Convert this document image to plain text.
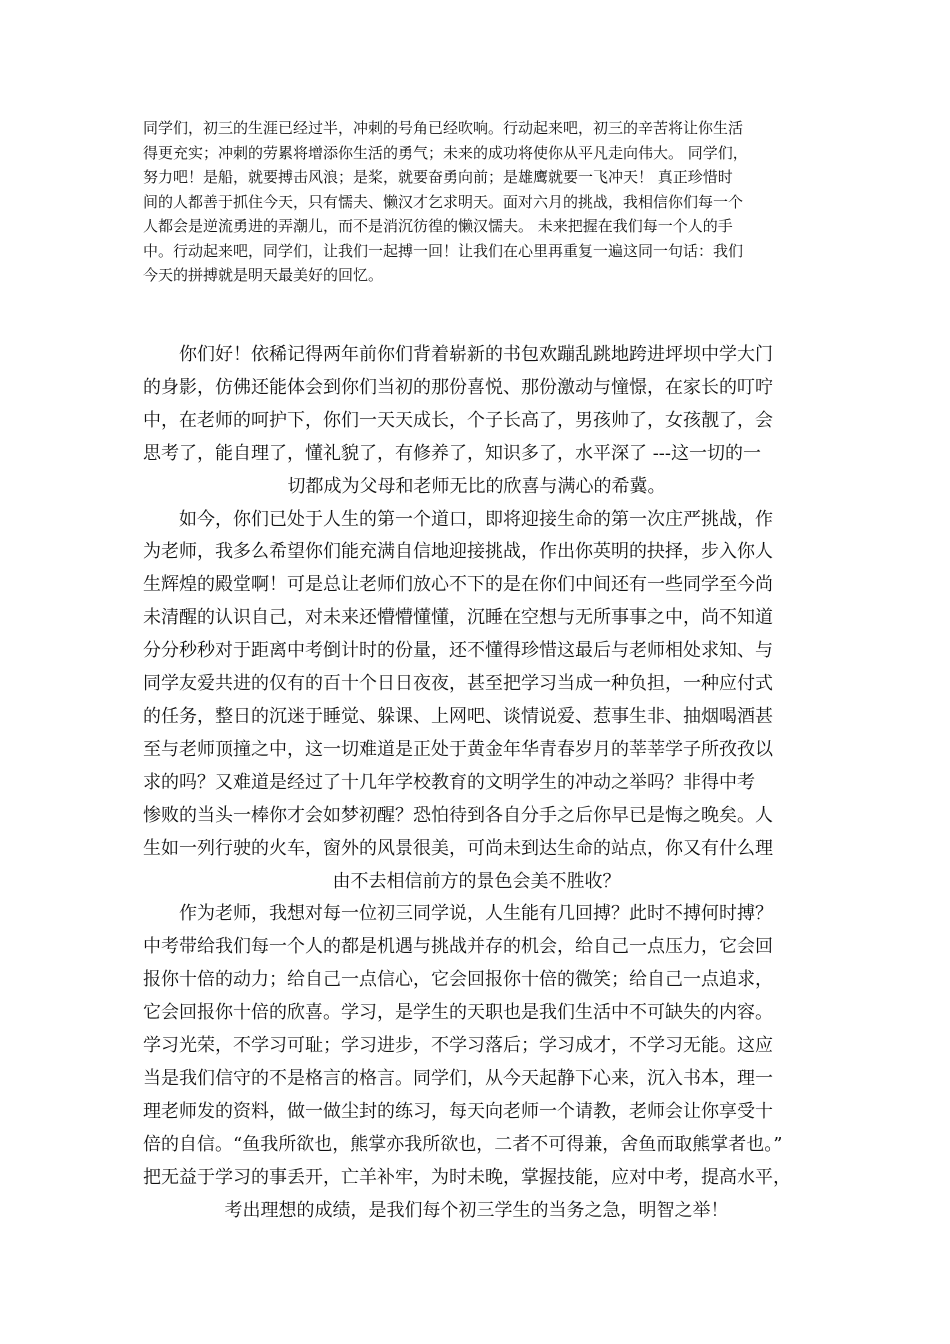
同学们，初三的生涯已经过半，冲刺的号角已经吹响。行动起来吧，初三的辛苦将让你生活
得更充实；冲刺的劳累将增添你生活的勇气；未来的成功将使你从平凡走向伟大。 同学们，
努力吧！是船，就要搏击风浪；是桨，就要奋勇向前；是雄鹰就要一飞冲天！ 真正珍惜时
间的人都善于抓住今天，只有懦夫、懒汉才乞求明天。面对六月的挑战，我相信你们每一个
人都会是逆流勇进的弄潮儿，而不是消沉彷徨的懒汉懦夫。 未来把握在我们每一个人的手
中。行动起来吧，同学们，让我们一起搏一回！让我们在心里再重复一遍这同一句话：我们
今天的拼搏就是明天最美好的回忆。
　　你们好！依稀记得两年前你们背着崭新的书包欢蹦乱跳地跨进坪坝中学大门
的身影，仿佛还能体会到你们当初的那份喜悦、那份激动与憧憬，在家长的叮咛
中，在老师的呵护下，你们一天天成长，个子长高了，男孩帅了，女孩靓了，会
思考了，能自理了，懂礼貌了，有修养了，知识多了，水平深了 ---这一切的一
切都成为父母和老师无比的欣喜与满心的希冀。
　　如今，你们已处于人生的第一个道口，即将迎接生命的第一次庄严挑战，作
为老师，我多么希望你们能充满自信地迎接挑战，作出你英明的抉择，步入你人
生辉煌的殿堂啊！可是总让老师们放心不下的是在你们中间还有一些同学至今尚
未清醒的认识自己，对未来还懵懵懂懂，沉睡在空想与无所事事之中，尚不知道
分分秒秒对于距离中考倒计时的份量，还不懂得珍惜这最后与老师相处求知、与
同学友爱共进的仅有的百十个日日夜夜，甚至把学习当成一种负担，一种应付式
的任务，整日的沉迷于睡觉、躲课、上网吧、谈情说爱、惹事生非、抽烟喝酒甚
至与老师顶撞之中，这一切难道是正处于黄金年华青春岁月的莘莘学子所孜孜以
求的吗？又难道是经过了十几年学校教育的文明学生的冲动之举吗？非得中考
惨败的当头一棒你才会如梦初醒？恐怕待到各自分手之后你早已是悔之晚矣。人
生如一列行驶的火车，窗外的风景很美，可尚未到达生命的站点，你又有什么理
由不去相信前方的景色会美不胜收？
　　作为老师，我想对每一位初三同学说，人生能有几回搏？此时不搏何时搏？
中考带给我们每一个人的都是机遇与挑战并存的机会，给自己一点压力，它会回
报你十倍的动力；给自己一点信心，它会回报你十倍的微笑；给自己一点追求，
它会回报你十倍的欣喜。学习，是学生的天职也是我们生活中不可缺失的内容。
学习光荣，不学习可耻；学习进步，不学习落后；学习成才，不学习无能。这应
当是我们信守的不是格言的格言。同学们，从今天起静下心来，沉入书本，理一
理老师发的资料，做一做尘封的练习，每天向老师一个请教，老师会让你享受十
倍的自信。“鱼我所欲也，熊掌亦我所欲也，二者不可得兼，舍鱼而取熊掌者也。”
把无益于学习的事丢开，亡羊补牢，为时未晚，掌握技能，应对中考，提高水平，
考出理想的成绩，是我们每个初三学生的当务之急，明智之举！
